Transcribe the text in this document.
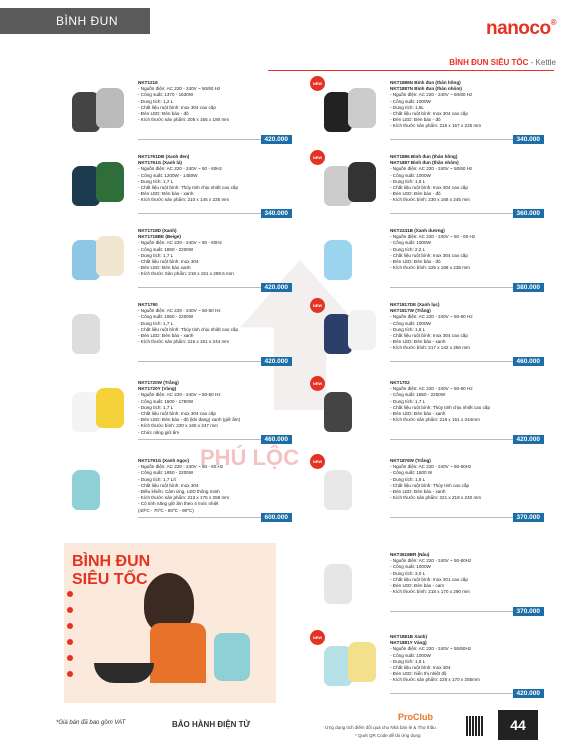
BÌNH ĐUN SIÊU TỐC
nanoco®
BÌNH ĐUN SIÊU TỐC - Kettle
PHÚ LỘC
NKT1216
- Nguồn điện: AC 220 - 240V ~ 50/60 Hz
- Công suất: 1370 - 1630W
- Dung tích: 1,2 L
- Chất liệu ruột bình: Inox 304 cao cấp
- Đèn LED: Đèn báo - đỏ
- Kích thước sản phẩm: 205 x 165 x 180 mm
420.000
NKT1886N Bình đun (thân hồng)
NKT1887N Bình đun (thân nhôm)
- Nguồn điện: AC 220 - 240V ~ 50/60 Hz
- Công suất: 1000W
- Dung tích: 1,8L
- Chất liệu ruột bình: Inox 304 cao cấp
- Đèn LED: Đèn báo - đỏ
- Kích thước sản phẩm: 216 x 157 x 225 mm
340.000
NEW
NKT1761DB (Xanh đen)
NKT1761G (Xanh lá)
- Nguồn điện: AC 220 - 240V ~ 50 - 60Hz
- Công suất: 1200W - 1450W
- Dung tích: 1,7 L
- Chất liệu ruột bình: Thủy tinh chịu nhiệt cao cấp
- Đèn LED: Đèn báo - xanh
- Kích thước sản phẩm: 210 x 145 x 225 mm
340.000
NKT1886 Bình đun (thân hồng)
NKT1887 Bình đun (thân nhôm)
- Nguồn điện: AC 220 - 240V ~ 50/60 Hz
- Công suất: 1000W
- Dung tích: 1,8 L
- Chất liệu ruột bình: Inox 304 cao cấp
- Đèn LED: Đèn báo - đỏ
- Kích thước bình: 230 x 168 x 245 mm
360.000
NEW
NKT1718D (Xanh)
NKT1718BE (Beige)
- Nguồn điện: AC 220 - 240V ~ 50 - 60Hz
- Công suất: 1850 - 2200W
- Dung tích: 1,7 L
- Chất liệu ruột bình: Inox 304
- Đèn LED: Đèn báo xanh
- Kích thước Sản phẩm: 218 x 151 x 259.5 mm
420.000
NKT2241B (Xanh dương)
- Nguồn điện: AC 220 - 240V ~ 50 - 60 Hz
- Công suất: 1000W
- Dung tích: 2,2 L
- Chất liệu ruột bình: Inox 304 cao cấp
- Đèn LED: Đèn báo - đỏ
- Kích thước bình: 225 x 168 x 238 mm
380.000
NKT1790
- Nguồn điện: AC 220 - 240V ~ 50-60 Hz
- Công suất: 1850 - 2200W
- Dung tích: 1,7 L
- Chất liệu ruột bình: Thủy tinh chịu nhiệt cao cấp
- Đèn LED: Đèn báo - xanh
- Kích thước sản phẩm: 216 x 151 x 244 mm
420.000
NKT1817DE (Xanh lục)
NKT1817W (Trắng)
- Nguồn điện: AC 220 - 240V ~ 50-60 Hz
- Công suất: 1000W
- Dung tích: 1,8 L
- Chất liệu ruột bình: Inox 304 cao cấp
- Đèn LED: Đèn báo - xanh
- Kích thước bình: 217 x 142 x 256 mm
460.000
NEW
NKT1720W (Trắng)
NKT1720Y (Vàng)
- Nguồn điện: AC 220 - 240V ~ 50-60 Hz
- Công suất: 1500 - 1780W
- Dung tích: 1,7 L
- Chất liệu ruột bình: Inox 304 cao cấp
- Đèn LED: Đèn báo - đỏ (khi đang) xanh (giữ ấm)
- Kích thước bình: 220 x 160 x 247 mm
- Chức năng giữ ấm
460.000
NKT1702
- Nguồn điện: AC 220 - 240V ~ 50-60 Hz
- Công suất: 1850 - 2200W
- Dung tích: 1,7 L
- Chất liệu ruột bình: Thủy tinh chịu nhiệt cao cấp
- Đèn LED: Đèn báo - xanh
- Kích thước sản phẩm: 216 x 151 x 244mm
420.000
NEW
NKT1791G (Xanh ngọc)
- Nguồn điện: AC 220 - 240V ~ 50 - 60 Hz
- Công suất: 1850 - 2200W
- Dung tích: 1,7 Lít
- Chất liệu ruột bình: Inox 304
- Điều khiển: Cảm ứng, LED thông minh
- Kích thước sản phẩm: 213 x 175 x 258 mm
- Có tính năng giữ ấm theo 4 mức nhiệt
(40ºC - 70ºC - 80ºC - 90ºC)
600.000
NKT1876W (Trắng)
- Nguồn điện: AC 220 - 240V ~ 50-60Hz
- Công suất: 1500 W
- Dung tích: 1,8 L
- Chất liệu ruột bình: Thủy tinh cao cấp
- Đèn LED: Đèn báo - xanh
- Kích thước sản phẩm: 221 x 218 x 240 mm
370.000
NEW
NKT3618BR (Nâu)
- Nguồn điện: AC 220 - 240V ~ 50-60Hz
- Công suất: 1000W
- Dung tích: 3,0 L
- Chất liệu ruột bình: Inox 201 cao cấp
- Đèn LED: Đèn báo - cam
- Kích thước bình: 218 x 170 x 290 mm
370.000
NKT1881B Xanh)
NKT1881Y Vàng)
- Nguồn điện: AC 220 - 240V ~ 50/60Hz
- Công suất: 1000W
- Dung tích: 1,8 L
- Chất liệu ruột bình: Inox 304
- Đèn LED: hiển thị nhiệt độ
- Kích thước sản phẩm: 228 x 170 x 255mm
420.000
NEW
BÌNH ĐUN
SIÊU TỐC
*Giá bán đã bao gồm VAT	BẢO HÀNH ĐIỆN TỬ
ProClub
Ứng dụng tích điểm đổi quà cho Nhà bán lẻ & Thợ thầu
* Quét QR Code để tải ứng dụng
44
